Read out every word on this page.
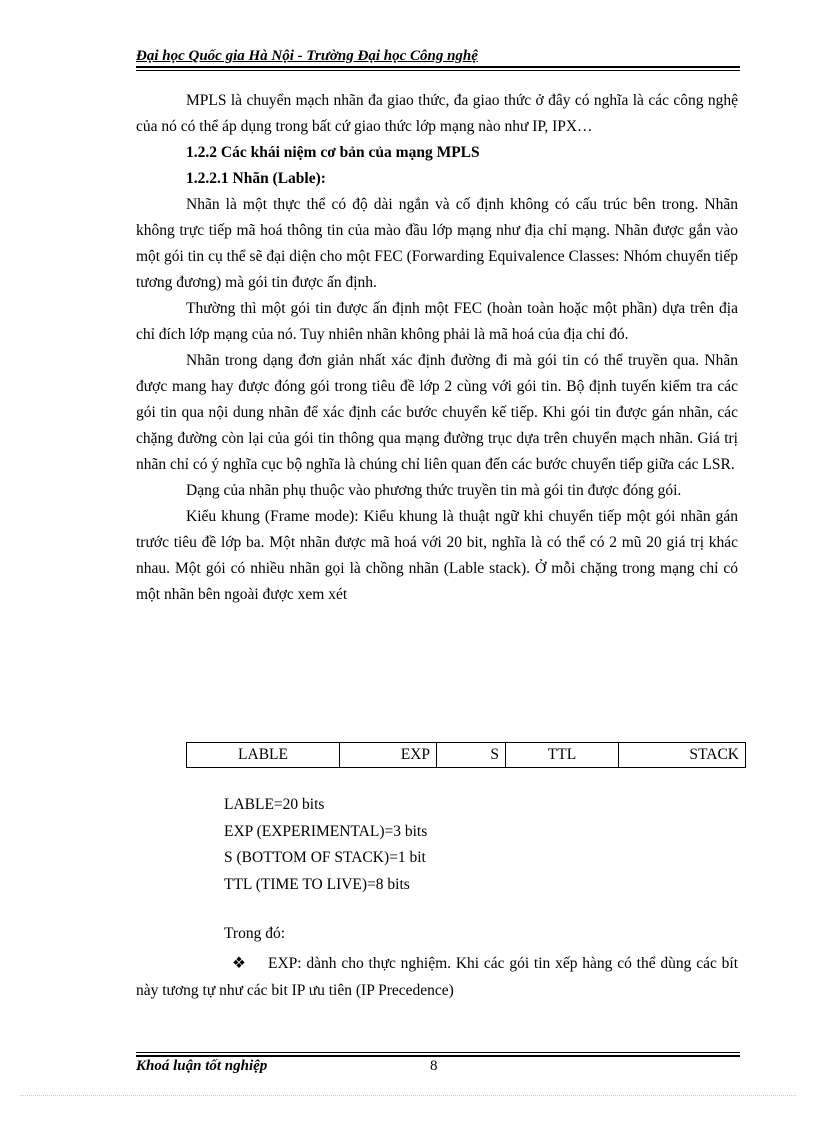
Đại học Quốc gia Hà Nội - Trường Đại học Công nghệ

MPLS là chuyển mạch nhãn đa giao thức, đa giao thức ở đây có nghĩa là các công nghệ của nó có thể áp dụng trong bất cứ giao thức lớp mạng nào như IP, IPX…

1.2.2 Các khái niệm cơ bản của mạng MPLS

1.2.2.1 Nhãn (Lable):

Nhãn là một thực thể có độ dài ngắn và cố định không có cấu trúc bên trong. Nhãn không trực tiếp mã hoá thông tin của mào đầu lớp mạng như địa chỉ mạng. Nhãn được gắn vào một gói tin cụ thể sẽ đại diện cho một FEC (Forwarding Equivalence Classes: Nhóm chuyển tiếp tương đương) mà gói tin được ấn định.

Thường thì một gói tin được ấn định một FEC (hoàn toàn hoặc một phần) dựa trên địa chỉ đích lớp mạng của nó. Tuy nhiên nhãn không phải là mã hoá của địa chỉ đó.

Nhãn trong dạng đơn giản nhất xác định đường đi mà gói tin có thể truyền qua. Nhãn được mang hay được đóng gói trong tiêu đề lớp 2 cùng với gói tin. Bộ định tuyến kiểm tra các gói tin qua nội dung nhãn để xác định các bước chuyển kế tiếp. Khi gói tin được gán nhãn, các chặng đường còn lại của gói tin thông qua mạng đường trục dựa trên chuyển mạch nhãn. Giá trị nhãn chỉ có ý nghĩa cục bộ nghĩa là chúng chỉ liên quan đến các bước chuyển tiếp giữa các LSR.

Dạng của nhãn phụ thuộc vào phương thức truyền tin mà gói tin được đóng gói.

Kiểu khung (Frame mode): Kiểu khung là thuật ngữ khi chuyển tiếp một gói nhãn gán trước tiêu đề lớp ba. Một nhãn được mã hoá với 20 bit, nghĩa là có thể có 2 mũ 20 giá trị khác nhau. Một gói có nhiều nhãn gọi là chồng nhãn (Lable stack). Ở mỗi chặng trong mạng chỉ có một nhãn bên ngoài được xem xét

LABLE	EXP	S	TTL	STACK
LABLE=20 bits
EXP (EXPERIMENTAL)=3 bits
S (BOTTOM OF STACK)=1 bit
TTL (TIME TO LIVE)=8 bits
Trong đó:
❖ EXP: dành cho thực nghiệm. Khi các gói tin xếp hàng có thể dùng các bít này tương tự như các bit IP ưu tiên (IP Precedence)
Khoá luận tốt nghiệp	8
